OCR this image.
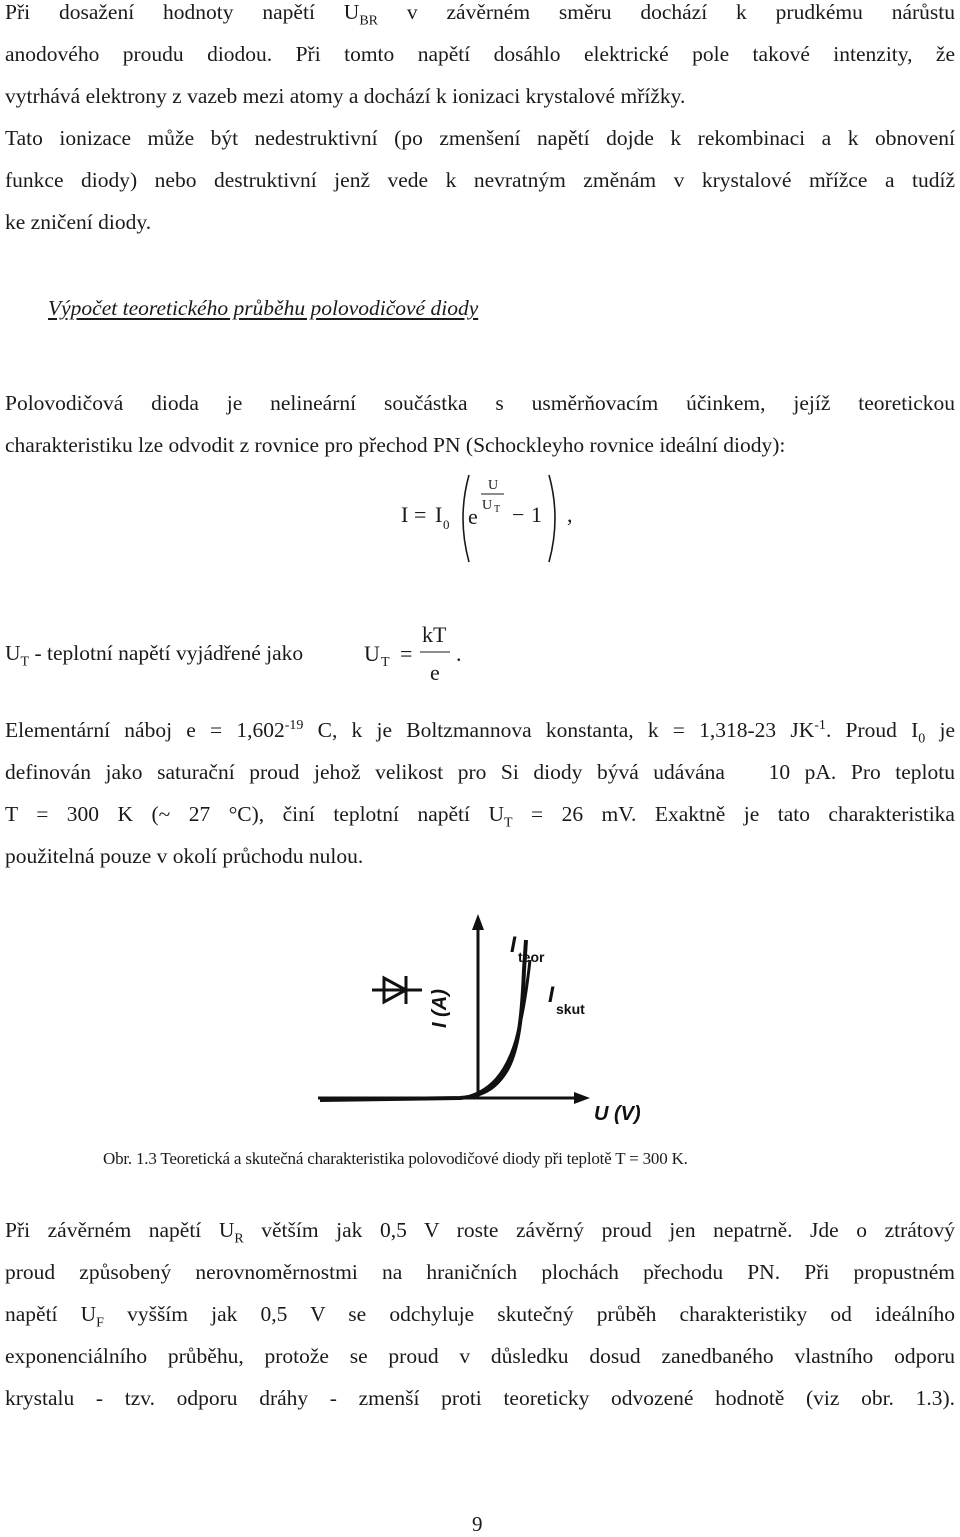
Při dosažení hodnoty napětí $U_{BR}$ v závěrném směru dochází k prudkému nárůstu
anodového proudu diodou. Při tomto napětí dosáhlo elektrické pole takové intenzity, že
vytrhává elektrony z vazeb mezi atomy a dochází k ionizaci krystalové mřížky.
Tato ionizace může být nedestruktivní (po zmenšení napětí dojde k rekombinaci a k obnovení
funkce diody) nebo destruktivní jenž vede k nevratným změnám v krystalové mřížce a tudíž
ke zničení diody.
Výpočet teoretického průběhu polovodičové diody
Polovodičová dioda je nelineární součástka s usměrňovacím účinkem, jejíž teoretickou
charakteristiku lze odvodit z rovnice pro přechod PN (Schockleyho rovnice ideální diody):
I = I 0 e
U
U T − 1 ,
$U_T$ - teplotní napětí vyjádřené jako	U T =
kT
e
.
Elementární náboj $e = 1,602^{-19}$ C, k je Boltzmannova konstanta, k = 1,318-23 $JK^{-1}$. Proud $I_0$ je
definován jako saturační proud jehož velikost pro Si diody bývá udávána   10 pA. Pro teplotu
T = 300 K (~ 27 °C), činí teplotní napětí $U_T = 26$ mV. Exaktně je tato charakteristika
použitelná pouze v okolí průchodu nulou.
I (A)
U (V)
I teor
I
skut
Obr. 1.3 Teoretická a skutečná charakteristika polovodičové diody při teplotě T = 300 K.
Při závěrném napětí $U_R$ větším jak 0,5 V roste závěrný proud jen nepatrně. Jde o ztrátový
proud způsobený nerovnoměrnostmi na hraničních plochách přechodu PN. Při propustném
napětí $U_F$ vyšším jak 0,5 V se odchyluje skutečný průběh charakteristiky od ideálního
exponenciálního průběhu, protože se proud v důsledku dosud zanedbaného vlastního odporu
krystalu - tzv. odporu dráhy - zmenší proti teoreticky odvozené hodnotě (viz obr. 1.3).
9
